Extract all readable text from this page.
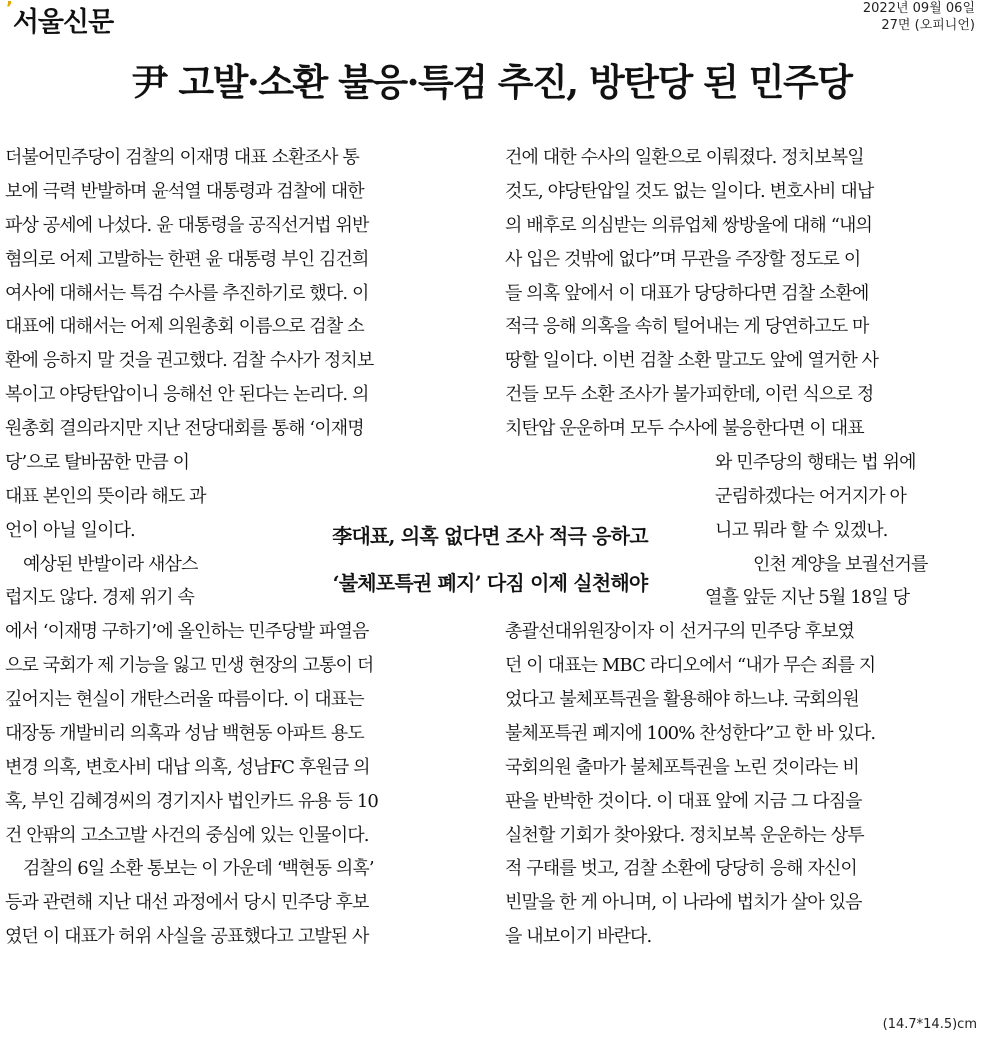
’서울신문	2022년 09월 06일
27면 (오피니언)
尹 고발·소환 불응·특검 추진, 방탄당 된 민주당
李대표, 의혹 없다면 조사 적극 응하고
‘불체포특권 폐지’ 다짐 이제 실천해야
(14.7*14.5)cm
더불어민주당이 검찰의 이재명 대표 소환조사 통
보에 극력 반발하며 윤석열 대통령과 검찰에 대한
파상 공세에 나섰다. 윤 대통령을 공직선거법 위반
혐의로 어제 고발하는 한편 윤 대통령 부인 김건희
여사에 대해서는 특검 수사를 추진하기로 했다. 이
대표에 대해서는 어제 의원총회 이름으로 검찰 소
환에 응하지 말 것을 권고했다. 검찰 수사가 정치보
복이고 야당탄압이니 응해선 안 된다는 논리다. 의
원총회 결의라지만 지난 전당대회를 통해 ‘이재명
당’으로 탈바꿈한 만큼 이
대표 본인의 뜻이라 해도 과
언이 아닐 일이다.
예상된 반발이라 새삼스
럽지도 않다. 경제 위기 속
에서 ‘이재명 구하기’에 올인하는 민주당발 파열음
으로 국회가 제 기능을 잃고 민생 현장의 고통이 더
깊어지는 현실이 개탄스러울 따름이다. 이 대표는
대장동 개발비리 의혹과 성남 백현동 아파트 용도
변경 의혹, 변호사비 대납 의혹, 성남FC 후원금 의
혹, 부인 김혜경씨의 경기지사 법인카드 유용 등 10
건 안팎의 고소고발 사건의 중심에 있는 인물이다.
검찰의 6일 소환 통보는 이 가운데 ‘백현동 의혹’
등과 관련해 지난 대선 과정에서 당시 민주당 후보
였던 이 대표가 허위 사실을 공표했다고 고발된 사
건에 대한 수사의 일환으로 이뤄졌다. 정치보복일
것도, 야당탄압일 것도 없는 일이다. 변호사비 대납
의 배후로 의심받는 의류업체 쌍방울에 대해 “내의
사 입은 것밖에 없다”며 무관을 주장할 정도로 이
들 의혹 앞에서 이 대표가 당당하다면 검찰 소환에
적극 응해 의혹을 속히 털어내는 게 당연하고도 마
땅할 일이다. 이번 검찰 소환 말고도 앞에 열거한 사
건들 모두 소환 조사가 불가피한데, 이런 식으로 정
치탄압 운운하며 모두 수사에 불응한다면 이 대표
와 민주당의 행태는 법 위에
군림하겠다는 어거지가 아
니고 뭐라 할 수 있겠나.
인천 계양을 보궐선거를
열흘 앞둔 지난 5월 18일 당
총괄선대위원장이자 이 선거구의 민주당 후보였
던 이 대표는 MBC 라디오에서 “내가 무슨 죄를 지
었다고 불체포특권을 활용해야 하느냐. 국회의원
불체포특권 폐지에 100% 찬성한다”고 한 바 있다.
국회의원 출마가 불체포특권을 노린 것이라는 비
판을 반박한 것이다. 이 대표 앞에 지금 그 다짐을
실천할 기회가 찾아왔다. 정치보복 운운하는 상투
적 구태를 벗고, 검찰 소환에 당당히 응해 자신이
빈말을 한 게 아니며, 이 나라에 법치가 살아 있음
을 내보이기 바란다.
